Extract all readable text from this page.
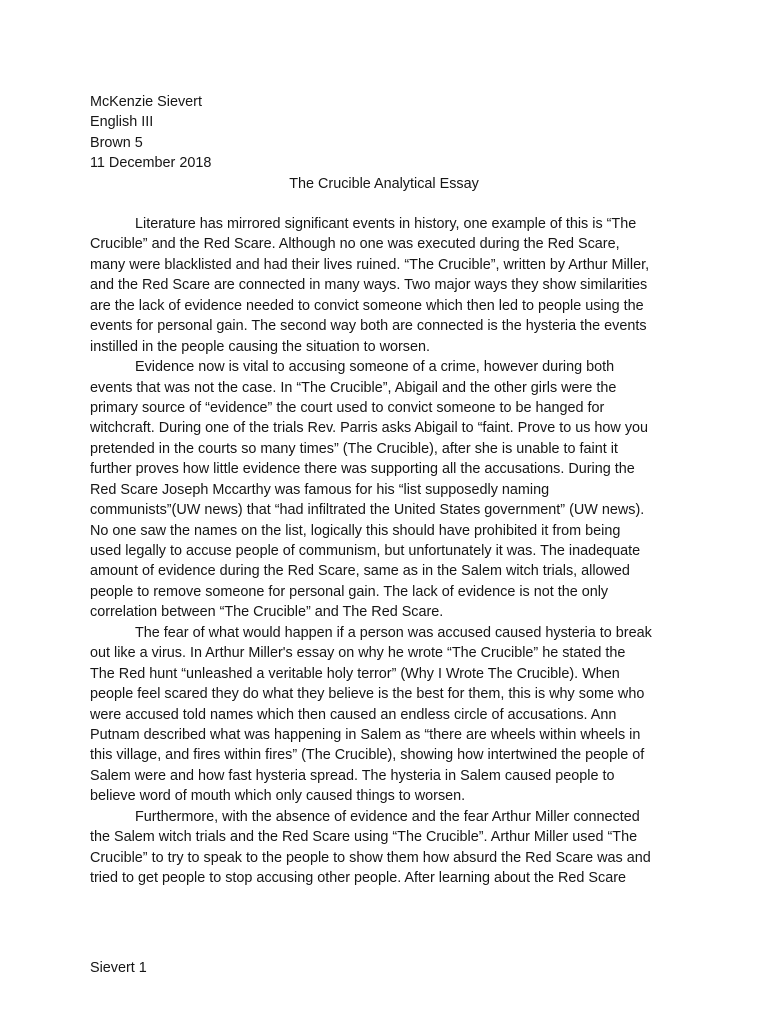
McKenzie Sievert
English III
Brown 5
11 December 2018
The Crucible Analytical Essay
Literature has mirrored significant events in history, one example of this is “The
Crucible” and the Red Scare. Although no one was executed during the Red Scare,
many were blacklisted and had their lives ruined. “The Crucible”, written by Arthur Miller,
and the Red Scare are connected in many ways. Two major ways they show similarities
are the lack of evidence needed to convict someone which then led to people using the
events for personal gain. The second way both are connected is the hysteria the events
instilled in the people causing the situation to worsen.
Evidence now is vital to accusing someone of a crime, however during both
events that was not the case. In “The Crucible”, Abigail and the other girls were the
primary source of “evidence” the court used to convict someone to be hanged for
witchcraft. During one of the trials Rev. Parris asks Abigail to “faint. Prove to us how you
pretended in the courts so many times” (The Crucible), after she is unable to faint it
further proves how little evidence there was supporting all the accusations. During the
Red Scare Joseph Mccarthy was famous for his “list supposedly naming
communists”(UW news) that “had infiltrated the United States government” (UW news).
No one saw the names on the list, logically this should have prohibited it from being
used legally to accuse people of communism, but unfortunately it was. The inadequate
amount of evidence during the Red Scare, same as in the Salem witch trials, allowed
people to remove someone for personal gain. The lack of evidence is not the only
correlation between “The Crucible” and The Red Scare.
The fear of what would happen if a person was accused caused hysteria to break
out like a virus. In Arthur Miller's essay on why he wrote “The Crucible” he stated the
The Red hunt “unleashed a veritable holy terror” (Why I Wrote The Crucible). When
people feel scared they do what they believe is the best for them, this is why some who
were accused told names which then caused an endless circle of accusations. Ann
Putnam described what was happening in Salem as “there are wheels within wheels in
this village, and fires within fires” (The Crucible), showing how intertwined the people of
Salem were and how fast hysteria spread. The hysteria in Salem caused people to
believe word of mouth which only caused things to worsen.
Furthermore, with the absence of evidence and the fear Arthur Miller connected
the Salem witch trials and the Red Scare using “The Crucible”. Arthur Miller used “The
Crucible” to try to speak to the people to show them how absurd the Red Scare was and
tried to get people to stop accusing other people. After learning about the Red Scare
Sievert 1
